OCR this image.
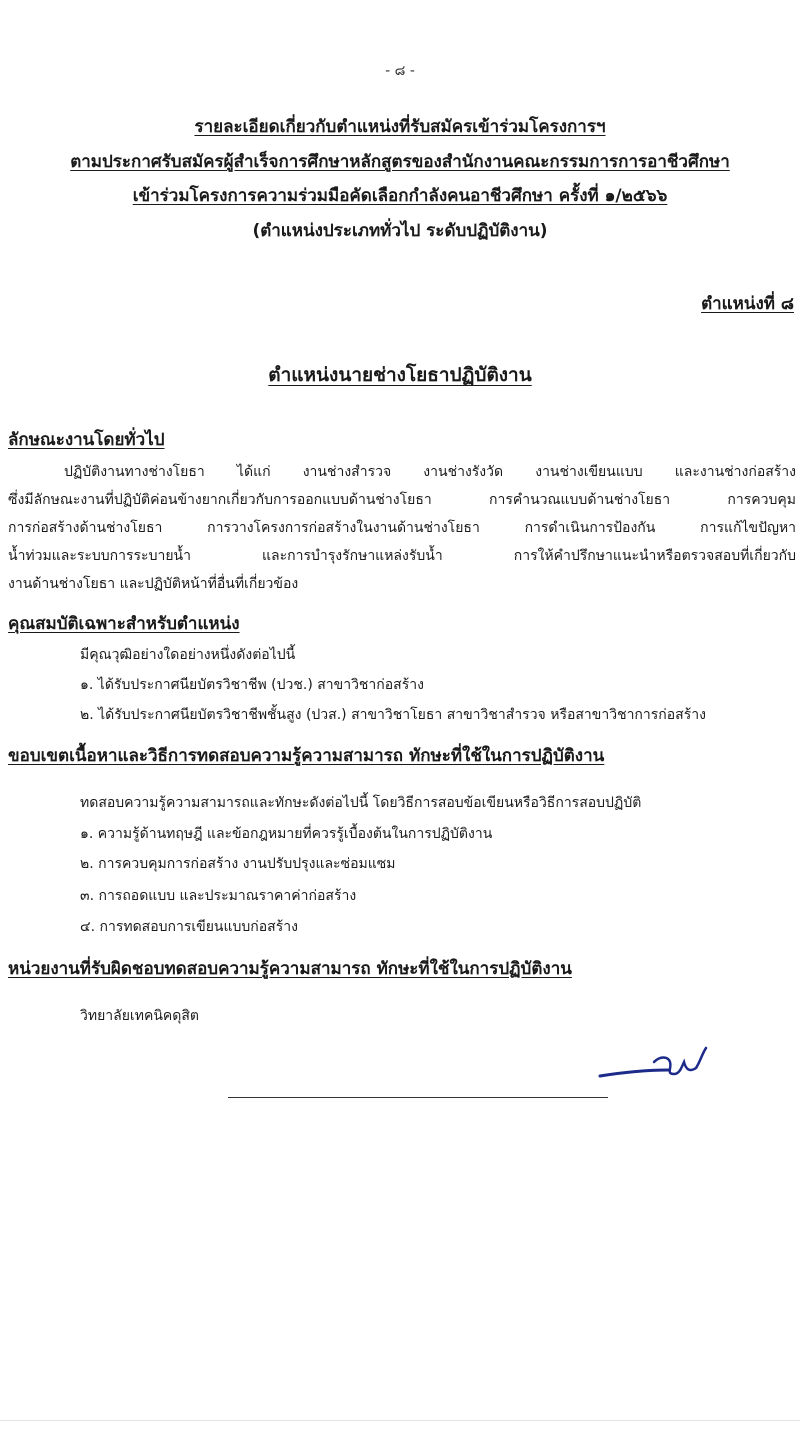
- ๘ -
รายละเอียดเกี่ยวกับตำแหน่งที่รับสมัครเข้าร่วมโครงการฯ
ตามประกาศรับสมัครผู้สำเร็จการศึกษาหลักสูตรของสำนักงานคณะกรรมการการอาชีวศึกษา
เข้าร่วมโครงการความร่วมมือคัดเลือกกำลังคนอาชีวศึกษา ครั้งที่ ๑/๒๕๖๖
(ตำแหน่งประเภททั่วไป ระดับปฏิบัติงาน)
ตำแหน่งที่ ๘
ตำแหน่งนายช่างโยธาปฏิบัติงาน
ลักษณะงานโดยทั่วไป
ปฏิบัติงานทางช่างโยธา ได้แก่ งานช่างสำรวจ งานช่างรังวัด งานช่างเขียนแบบ และงานช่างก่อสร้าง
ซึ่งมีลักษณะงานที่ปฏิบัติค่อนข้างยากเกี่ยวกับการออกแบบด้านช่างโยธา การคำนวณแบบด้านช่างโยธา การควบคุม
การก่อสร้างด้านช่างโยธา การวางโครงการก่อสร้างในงานด้านช่างโยธา การดำเนินการป้องกัน การแก้ไขปัญหา
น้ำท่วมและระบบการระบายน้ำ และการบำรุงรักษาแหล่งรับน้ำ การให้คำปรึกษาแนะนำหรือตรวจสอบที่เกี่ยวกับ
งานด้านช่างโยธา และปฏิบัติหน้าที่อื่นที่เกี่ยวข้อง
คุณสมบัติเฉพาะสำหรับตำแหน่ง
มีคุณวุฒิอย่างใดอย่างหนึ่งดังต่อไปนี้
๑. ได้รับประกาศนียบัตรวิชาชีพ (ปวช.) สาขาวิชาก่อสร้าง
๒. ได้รับประกาศนียบัตรวิชาชีพชั้นสูง (ปวส.) สาขาวิชาโยธา สาขาวิชาสำรวจ หรือสาขาวิชาการก่อสร้าง
ขอบเขตเนื้อหาและวิธีการทดสอบความรู้ความสามารถ ทักษะที่ใช้ในการปฏิบัติงาน
ทดสอบความรู้ความสามารถและทักษะดังต่อไปนี้ โดยวิธีการสอบข้อเขียนหรือวิธีการสอบปฏิบัติ
๑. ความรู้ด้านทฤษฎี และข้อกฎหมายที่ควรรู้เบื้องต้นในการปฏิบัติงาน
๒. การควบคุมการก่อสร้าง งานปรับปรุงและซ่อมแซม
๓. การถอดแบบ และประมาณราคาค่าก่อสร้าง
๔. การทดสอบการเขียนแบบก่อสร้าง
หน่วยงานที่รับผิดชอบทดสอบความรู้ความสามารถ ทักษะที่ใช้ในการปฏิบัติงาน
วิทยาลัยเทคนิคดุสิต
